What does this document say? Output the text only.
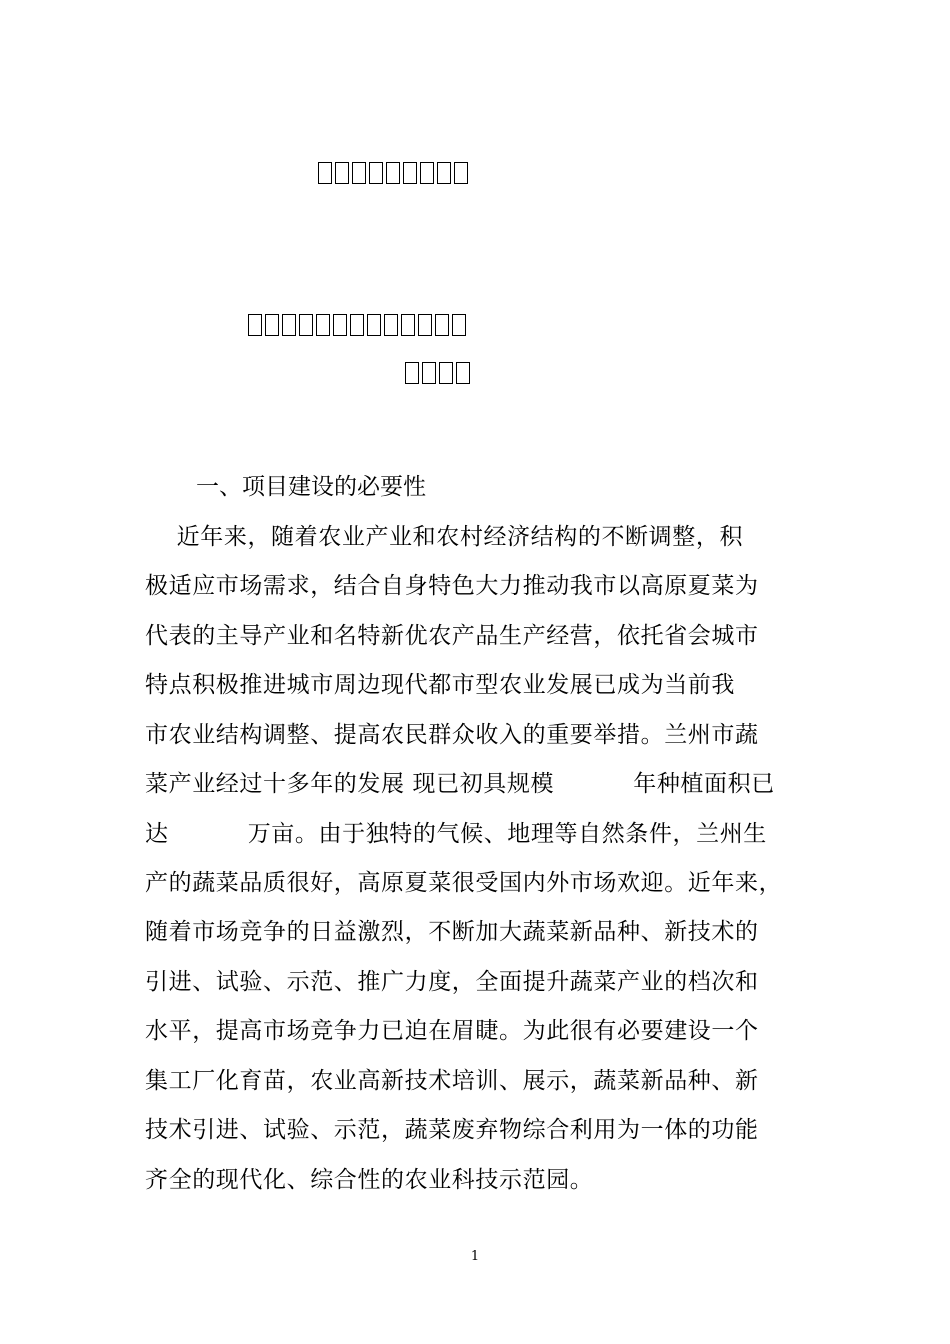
一、项目建设的必要性
近年来，随着农业产业和农村经济结构的不断调整，积
极适应市场需求，结合自身特色大力推动我市以高原夏菜为
代表的主导产业和名特新优农产品生产经营，依托省会城市
特点积极推进城市周边现代都市型农业发展已成为当前我
市农业结构调整、提高农民群众收入的重要举措。兰州市蔬
菜产业经过十多年的发展 现已初具规模          年种植面积已
达          万亩。由于独特的气候、地理等自然条件，兰州生
产的蔬菜品质很好，高原夏菜很受国内外市场欢迎。近年来，
随着市场竞争的日益激烈，不断加大蔬菜新品种、新技术的
引进、试验、示范、推广力度，全面提升蔬菜产业的档次和
水平，提高市场竞争力已迫在眉睫。为此很有必要建设一个
集工厂化育苗，农业高新技术培训、展示，蔬菜新品种、新
技术引进、试验、示范，蔬菜废弃物综合利用为一体的功能
齐全的现代化、综合性的农业科技示范园。
1
